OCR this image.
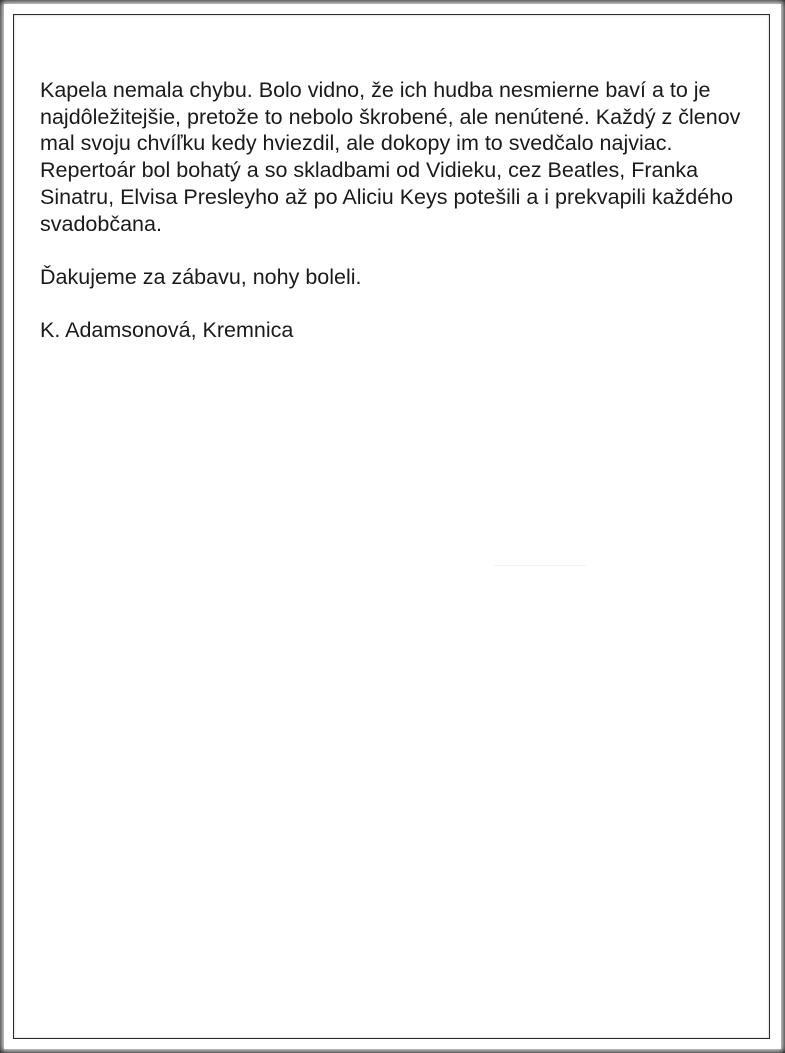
Kapela nemala chybu. Bolo vidno, že ich hudba nesmierne baví a to je najdôležitejšie, pretože to nebolo škrobené, ale nenútené. Každý z členov mal svoju chvíľku kedy hviezdil, ale dokopy im to svedčalo najviac. Repertoár bol bohatý a so skladbami od Vidieku, cez Beatles, Franka Sinatru, Elvisa Presleyho až po Aliciu Keys potešili a i prekvapili každého svadobčana.

Ďakujeme za zábavu, nohy boleli.

K. Adamsonová, Kremnica
